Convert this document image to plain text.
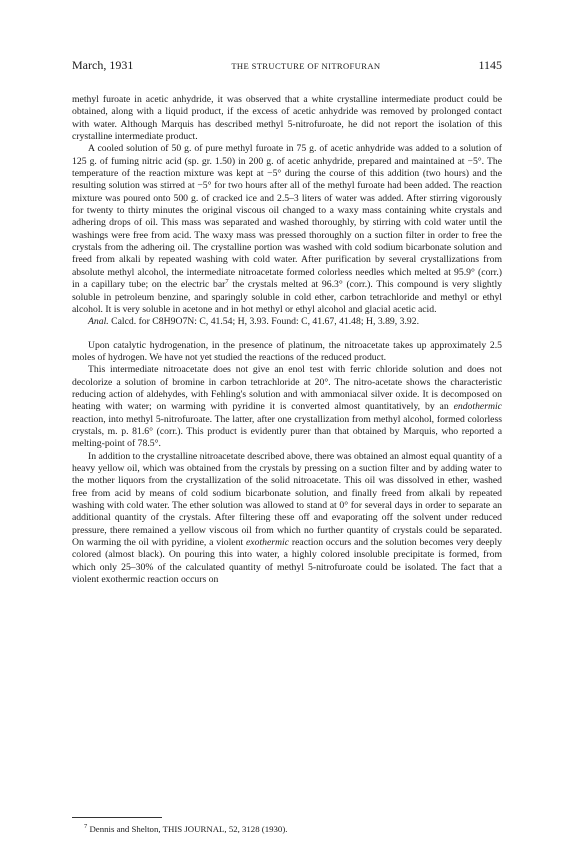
March, 1931	THE STRUCTURE OF NITROFURAN	1145

methyl furoate in acetic anhydride, it was observed that a white crystalline intermediate product could be obtained, along with a liquid product, if the excess of acetic anhydride was removed by prolonged contact with water. Although Marquis has described methyl 5-nitrofuroate, he did not report the isolation of this crystalline intermediate product.

A cooled solution of 50 g. of pure methyl furoate in 75 g. of acetic anhydride was added to a solution of 125 g. of fuming nitric acid (sp. gr. 1.50) in 200 g. of acetic anhydride, prepared and maintained at −5°. The temperature of the reaction mixture was kept at −5° during the course of this addition (two hours) and the resulting solution was stirred at −5° for two hours after all of the methyl furoate had been added. The reaction mixture was poured onto 500 g. of cracked ice and 2.5–3 liters of water was added. After stirring vigorously for twenty to thirty minutes the original viscous oil changed to a waxy mass containing white crystals and adhering drops of oil. This mass was separated and washed thoroughly, by stirring with cold water until the washings were free from acid. The waxy mass was pressed thoroughly on a suction filter in order to free the crystals from the adhering oil. The crystalline portion was washed with cold sodium bicarbonate solution and freed from alkali by repeated washing with cold water. After purification by several crystallizations from absolute methyl alcohol, the intermediate nitroacetate formed colorless needles which melted at 95.9° (corr.) in a capillary tube; on the electric bar$^7$ the crystals melted at 96.3° (corr.). This compound is very slightly soluble in petroleum benzine, and sparingly soluble in cold ether, carbon tetrachloride and methyl or ethyl alcohol. It is very soluble in acetone and in hot methyl or ethyl alcohol and glacial acetic acid.

Anal. Calcd. for C8H9O7N: C, 41.54; H, 3.93. Found: C, 41.67, 41.48; H, 3.89, 3.92.

Upon catalytic hydrogenation, in the presence of platinum, the nitroacetate takes up approximately 2.5 moles of hydrogen. We have not yet studied the reactions of the reduced product.

This intermediate nitroacetate does not give an enol test with ferric chloride solution and does not decolorize a solution of bromine in carbon tetrachloride at 20°. The nitro-acetate shows the characteristic reducing action of aldehydes, with Fehling's solution and with ammoniacal silver oxide. It is decomposed on heating with water; on warming with pyridine it is converted almost quantitatively, by an endothermic reaction, into methyl 5-nitrofuroate. The latter, after one crystallization from methyl alcohol, formed colorless crystals, m. p. 81.6° (corr.). This product is evidently purer than that obtained by Marquis, who reported a melting-point of 78.5°.

In addition to the crystalline nitroacetate described above, there was obtained an almost equal quantity of a heavy yellow oil, which was obtained from the crystals by pressing on a suction filter and by adding water to the mother liquors from the crystallization of the solid nitroacetate. This oil was dissolved in ether, washed free from acid by means of cold sodium bicarbonate solution, and finally freed from alkali by repeated washing with cold water. The ether solution was allowed to stand at 0° for several days in order to separate an additional quantity of the crystals. After filtering these off and evaporating off the solvent under reduced pressure, there remained a yellow viscous oil from which no further quantity of crystals could be separated. On warming the oil with pyridine, a violent exothermic reaction occurs and the solution becomes very deeply colored (almost black). On pouring this into water, a highly colored insoluble precipitate is formed, from which only 25–30% of the calculated quantity of methyl 5-nitrofuroate could be isolated. The fact that a violent exothermic reaction occurs on

$^7$ Dennis and Shelton, THIS JOURNAL, 52, 3128 (1930).
